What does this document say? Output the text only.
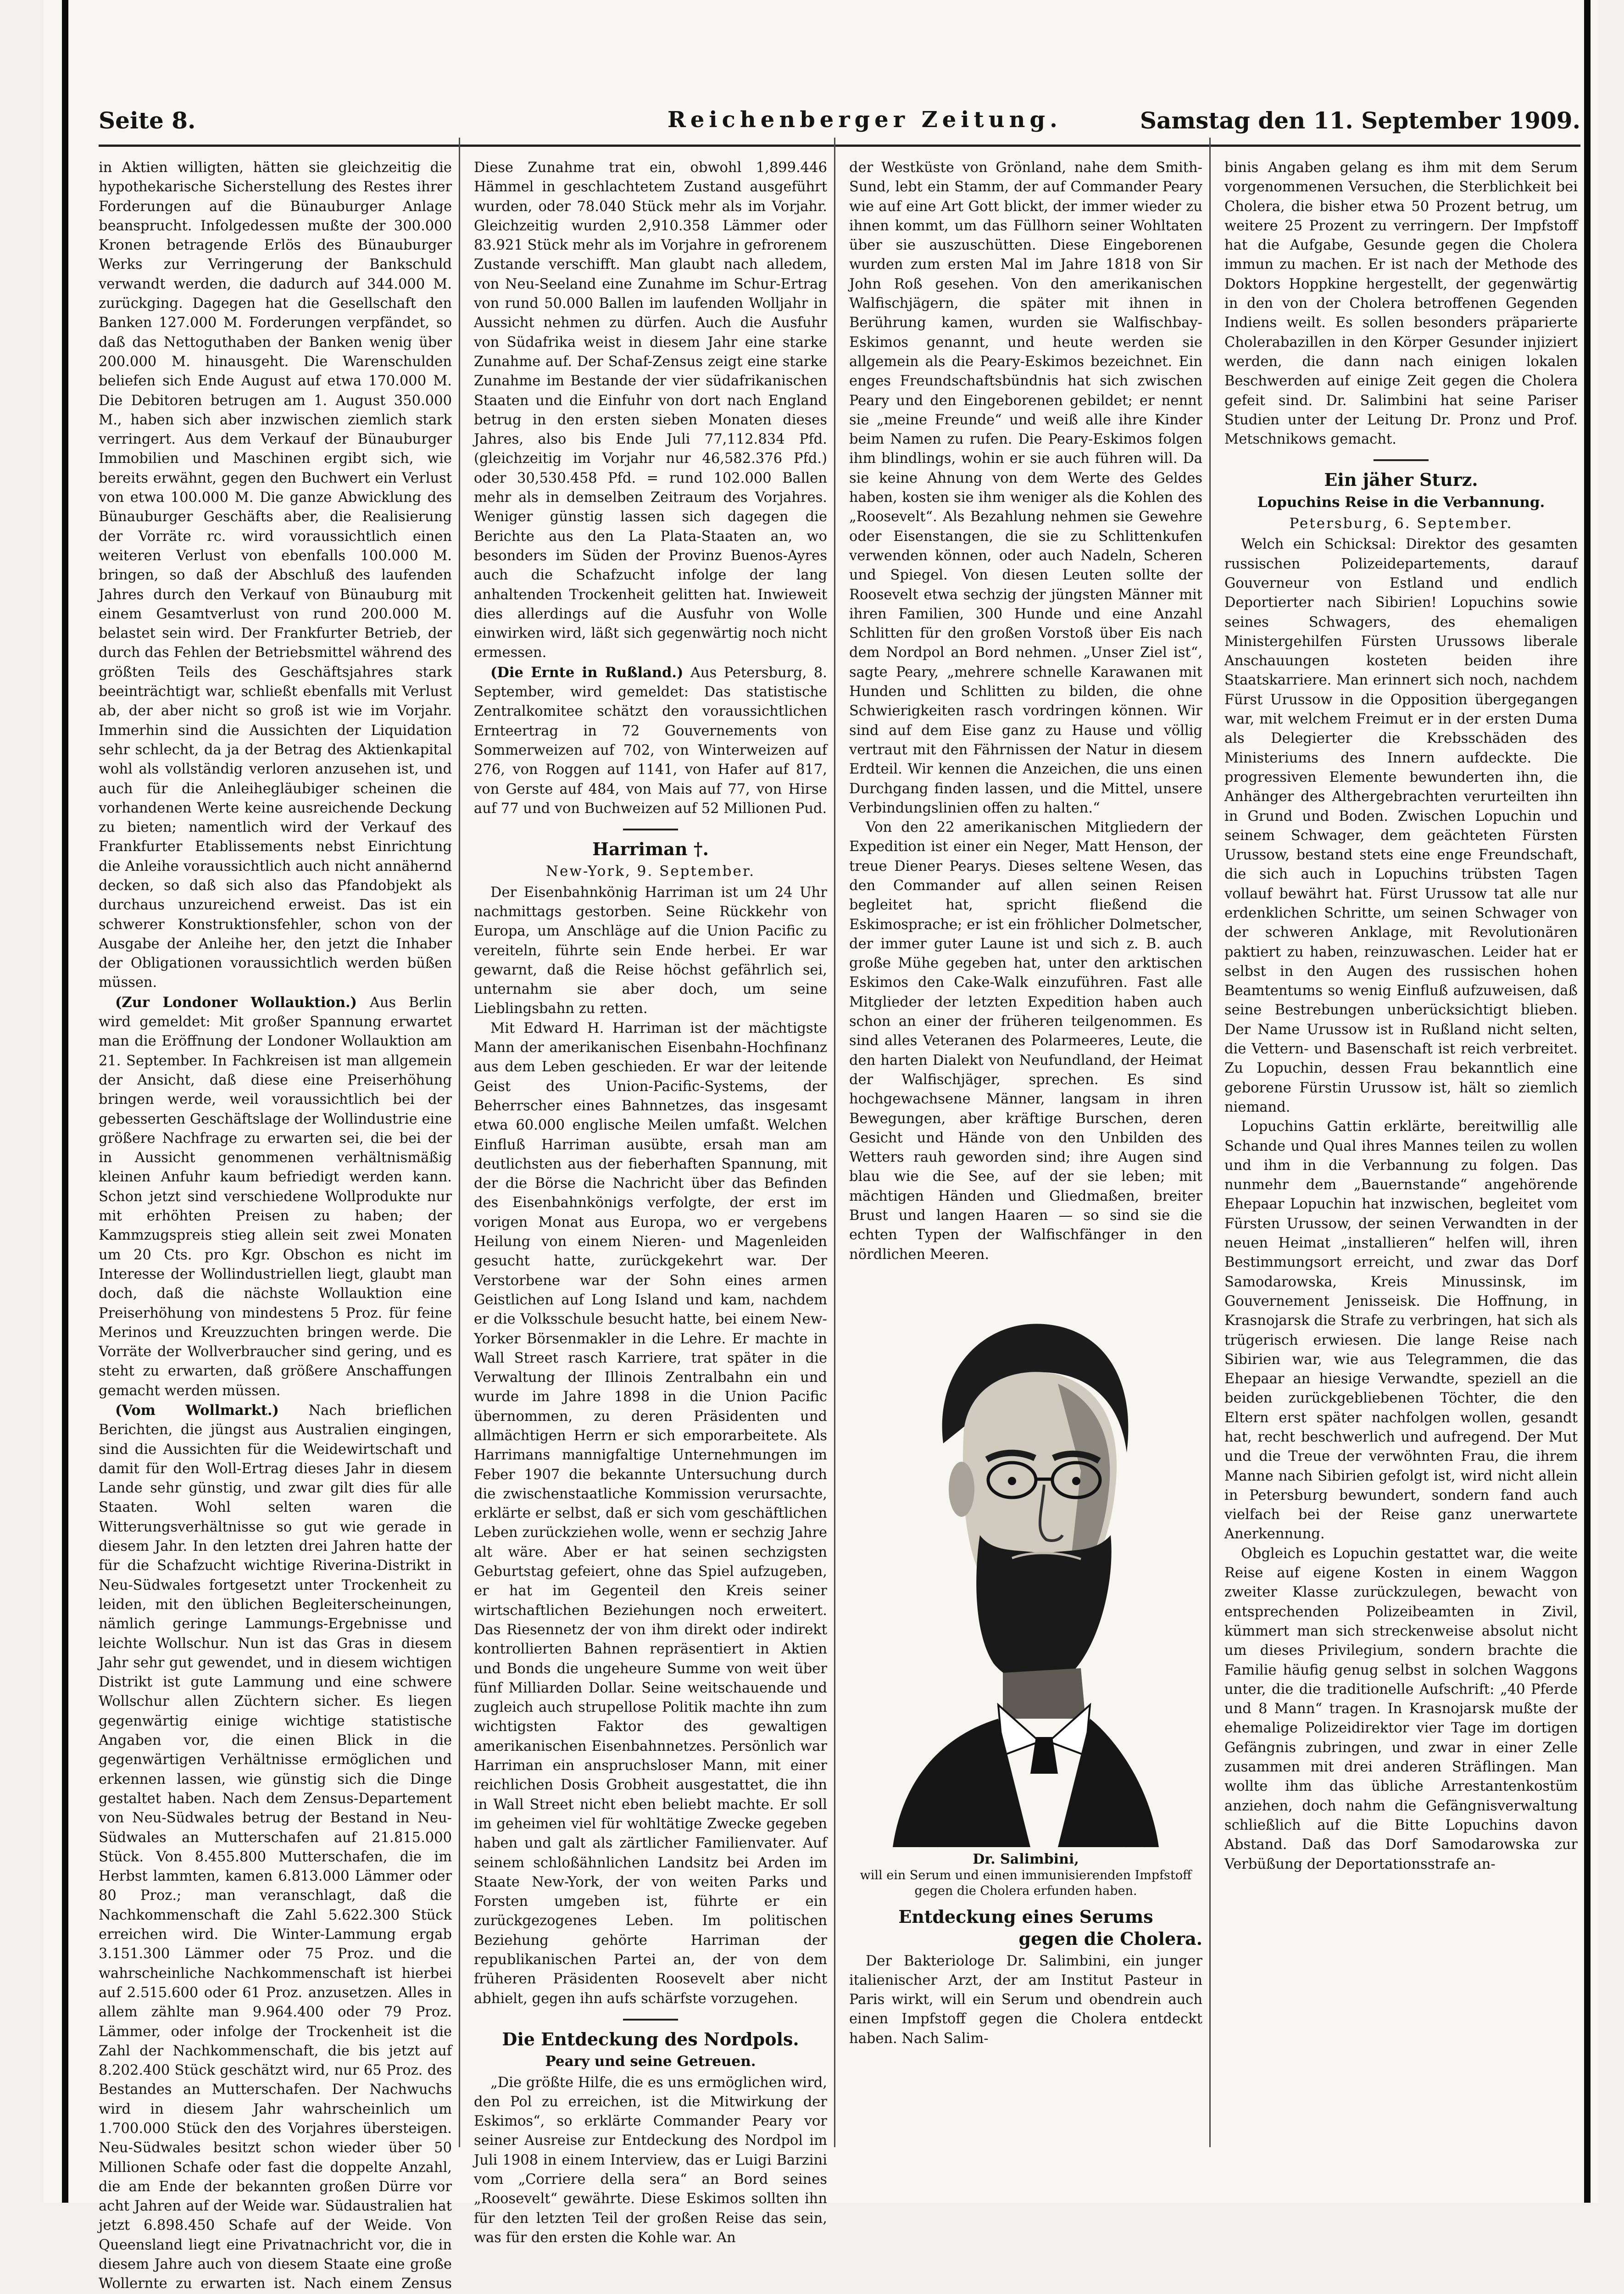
Seite 8.	Reichenberger Zeitung.	Samstag den 11. September 1909.

in Aktien willigten, hätten sie gleichzeitig die hypothekarische Sicherstellung des Restes ihrer Forderungen auf die Bünauburger Anlage beansprucht. Infolgedessen mußte der 300.000 Kronen betragende Erlös des Bünauburger Werks zur Verringerung der Bankschuld verwandt werden, die dadurch auf 344.000 M. zurückging. Dagegen hat die Gesellschaft den Banken 127.000 M. Forderungen verpfändet, so daß das Nettoguthaben der Banken wenig über 200.000 M. hinausgeht. Die Warenschulden beliefen sich Ende August auf etwa 170.000 M. Die Debitoren betrugen am 1. August 350.000 M., haben sich aber inzwischen ziemlich stark verringert. Aus dem Verkauf der Bünauburger Immobilien und Maschinen ergibt sich, wie bereits erwähnt, gegen den Buchwert ein Verlust von etwa 100.000 M. Die ganze Abwicklung des Bünauburger Geschäfts aber, die Realisierung der Vorräte rc. wird voraussichtlich einen weiteren Verlust von ebenfalls 100.000 M. bringen, so daß der Abschluß des laufenden Jahres durch den Verkauf von Bünauburg mit einem Gesamtverlust von rund 200.000 M. belastet sein wird. Der Frankfurter Betrieb, der durch das Fehlen der Betriebsmittel während des größten Teils des Geschäftsjahres stark beeinträchtigt war, schließt ebenfalls mit Verlust ab, der aber nicht so groß ist wie im Vorjahr. Immerhin sind die Aussichten der Liquidation sehr schlecht, da ja der Betrag des Aktienkapital wohl als vollständig verloren anzusehen ist, und auch für die Anleihegläubiger scheinen die vorhandenen Werte keine ausreichende Deckung zu bieten; namentlich wird der Verkauf des Frankfurter Etablissements nebst Einrichtung die Anleihe voraussichtlich auch nicht annähernd decken, so daß sich also das Pfandobjekt als durchaus unzureichend erweist. Das ist ein schwerer Konstruktionsfehler, schon von der Ausgabe der Anleihe her, den jetzt die Inhaber der Obligationen voraussichtlich werden büßen müssen.

(Zur Londoner Wollauktion.) Aus Berlin wird gemeldet: Mit großer Spannung erwartet man die Eröffnung der Londoner Wollauktion am 21. September. In Fachkreisen ist man allgemein der Ansicht, daß diese eine Preiserhöhung bringen werde, weil voraussichtlich bei der gebesserten Geschäftslage der Wollindustrie eine größere Nachfrage zu erwarten sei, die bei der in Aussicht genommenen verhältnismäßig kleinen Anfuhr kaum befriedigt werden kann. Schon jetzt sind verschiedene Wollprodukte nur mit erhöhten Preisen zu haben; der Kammzugspreis stieg allein seit zwei Monaten um 20 Cts. pro Kgr. Obschon es nicht im Interesse der Wollindustriellen liegt, glaubt man doch, daß die nächste Wollauktion eine Preiserhöhung von mindestens 5 Proz. für feine Merinos und Kreuzzuchten bringen werde. Die Vorräte der Wollverbraucher sind gering, und es steht zu erwarten, daß größere Anschaffungen gemacht werden müssen.

(Vom Wollmarkt.) Nach brieflichen Berichten, die jüngst aus Australien eingingen, sind die Aussichten für die Weidewirtschaft und damit für den Woll-Ertrag dieses Jahr in diesem Lande sehr günstig, und zwar gilt dies für alle Staaten. Wohl selten waren die Witterungsverhältnisse so gut wie gerade in diesem Jahr. In den letzten drei Jahren hatte der für die Schafzucht wichtige Riverina-Distrikt in Neu-Südwales fortgesetzt unter Trockenheit zu leiden, mit den üblichen Begleiterscheinungen, nämlich geringe Lammungs-Ergebnisse und leichte Wollschur. Nun ist das Gras in diesem Jahr sehr gut gewendet, und in diesem wichtigen Distrikt ist gute Lammung und eine schwere Wollschur allen Züchtern sicher. Es liegen gegenwärtig einige wichtige statistische Angaben vor, die einen Blick in die gegenwärtigen Verhältnisse ermöglichen und erkennen lassen, wie günstig sich die Dinge gestaltet haben. Nach dem Zensus-Departement von Neu-Südwales betrug der Bestand in Neu-Südwales an Mutterschafen auf 21.815.000 Stück. Von 8.455.800 Mutterschafen, die im Herbst lammten, kamen 6.813.000 Lämmer oder 80 Proz.; man veranschlagt, daß die Nachkommenschaft die Zahl 5.622.300 Stück erreichen wird. Die Winter-Lammung ergab 3.151.300 Lämmer oder 75 Proz. und die wahrscheinliche Nachkommenschaft ist hierbei auf 2.515.600 oder 61 Proz. anzusetzen. Alles in allem zählte man 9.964.400 oder 79 Proz. Lämmer, oder infolge der Trockenheit ist die Zahl der Nachkommenschaft, die bis jetzt auf 8.202.400 Stück geschätzt wird, nur 65 Proz. des Bestandes an Mutterschafen. Der Nachwuchs wird in diesem Jahr wahrscheinlich um 1.700.000 Stück den des Vorjahres übersteigen. Neu-Südwales besitzt schon wieder über 50 Millionen Schafe oder fast die doppelte Anzahl, die am Ende der bekannten großen Dürre vor acht Jahren auf der Weide war. Südaustralien hat jetzt 6.898.450 Schafe auf der Weide. Von Queensland liegt eine Privatnachricht vor, die in diesem Jahre auch von diesem Staate eine große Wollernte zu erwarten ist. Nach einem Zensus

Diese Zunahme trat ein, obwohl 1,899.446 Hämmel in geschlachtetem Zustand ausgeführt wurden, oder 78.040 Stück mehr als im Vorjahr. Gleichzeitig wurden 2,910.358 Lämmer oder 83.921 Stück mehr als im Vorjahre in gefrorenem Zustande verschifft. Man glaubt nach alledem, von Neu-Seeland eine Zunahme im Schur-Ertrag von rund 50.000 Ballen im laufenden Wolljahr in Aussicht nehmen zu dürfen. Auch die Ausfuhr von Südafrika weist in diesem Jahr eine starke Zunahme auf. Der Schaf-Zensus zeigt eine starke Zunahme im Bestande der vier südafrikanischen Staaten und die Einfuhr von dort nach England betrug in den ersten sieben Monaten dieses Jahres, also bis Ende Juli 77,112.834 Pfd. (gleichzeitig im Vorjahr nur 46,582.376 Pfd.) oder 30,530.458 Pfd. = rund 102.000 Ballen mehr als in demselben Zeitraum des Vorjahres. Weniger günstig lassen sich dagegen die Berichte aus den La Plata-Staaten an, wo besonders im Süden der Provinz Buenos-Ayres auch die Schafzucht infolge der lang anhaltenden Trockenheit gelitten hat. Inwieweit dies allerdings auf die Ausfuhr von Wolle einwirken wird, läßt sich gegenwärtig noch nicht ermessen.

(Die Ernte in Rußland.) Aus Petersburg, 8. September, wird gemeldet: Das statistische Zentralkomitee schätzt den voraussichtlichen Ernteertrag in 72 Gouvernements von Sommerweizen auf 702, von Winterweizen auf 276, von Roggen auf 1141, von Hafer auf 817, von Gerste auf 484, von Mais auf 77, von Hirse auf 77 und von Buchweizen auf 52 Millionen Pud.

Harriman †.
New-York, 9. September.

Der Eisenbahnkönig Harriman ist um 24 Uhr nachmittags gestorben. Seine Rückkehr von Europa, um Anschläge auf die Union Pacific zu vereiteln, führte sein Ende herbei. Er war gewarnt, daß die Reise höchst gefährlich sei, unternahm sie aber doch, um seine Lieblingsbahn zu retten.

Mit Edward H. Harriman ist der mächtigste Mann der amerikanischen Eisenbahn-Hochfinanz aus dem Leben geschieden. Er war der leitende Geist des Union-Pacific-Systems, der Beherrscher eines Bahnnetzes, das insgesamt etwa 60.000 englische Meilen umfaßt. Welchen Einfluß Harriman ausübte, ersah man am deutlichsten aus der fieberhaften Spannung, mit der die Börse die Nachricht über das Befinden des Eisenbahnkönigs verfolgte, der erst im vorigen Monat aus Europa, wo er vergebens Heilung von einem Nieren- und Magenleiden gesucht hatte, zurückgekehrt war. Der Verstorbene war der Sohn eines armen Geistlichen auf Long Island und kam, nachdem er die Volksschule besucht hatte, bei einem New-Yorker Börsenmakler in die Lehre. Er machte in Wall Street rasch Karriere, trat später in die Verwaltung der Illinois Zentralbahn ein und wurde im Jahre 1898 in die Union Pacific übernommen, zu deren Präsidenten und allmächtigen Herrn er sich emporarbeitete. Als Harrimans mannigfaltige Unternehmungen im Feber 1907 die bekannte Untersuchung durch die zwischenstaatliche Kommission verursachte, erklärte er selbst, daß er sich vom geschäftlichen Leben zurückziehen wolle, wenn er sechzig Jahre alt wäre. Aber er hat seinen sechzigsten Geburtstag gefeiert, ohne das Spiel aufzugeben, er hat im Gegenteil den Kreis seiner wirtschaftlichen Beziehungen noch erweitert. Das Riesennetz der von ihm direkt oder indirekt kontrollierten Bahnen repräsentiert in Aktien und Bonds die ungeheure Summe von weit über fünf Milliarden Dollar. Seine weitschauende und zugleich auch strupellose Politik machte ihn zum wichtigsten Faktor des gewaltigen amerikanischen Eisenbahnnetzes. Persönlich war Harriman ein anspruchsloser Mann, mit einer reichlichen Dosis Grobheit ausgestattet, die ihn in Wall Street nicht eben beliebt machte. Er soll im geheimen viel für wohltätige Zwecke gegeben haben und galt als zärtlicher Familienvater. Auf seinem schloßähnlichen Landsitz bei Arden im Staate New-York, der von weiten Parks und Forsten umgeben ist, führte er ein zurückgezogenes Leben. Im politischen Beziehung gehörte Harriman der republikanischen Partei an, der von dem früheren Präsidenten Roosevelt aber nicht abhielt, gegen ihn aufs schärfste vorzugehen.

Die Entdeckung des Nordpols.
Peary und seine Getreuen.

„Die größte Hilfe, die es uns ermöglichen wird, den Pol zu erreichen, ist die Mitwirkung der Eskimos“, so erklärte Commander Peary vor seiner Ausreise zur Entdeckung des Nordpol im Juli 1908 in einem Interview, das er Luigi Barzini vom „Corriere della sera“ an Bord seines „Roosevelt“ gewährte. Diese Eskimos sollten ihn für den letzten Teil der großen Reise das sein, was für den ersten die Kohle war. An

der Westküste von Grönland, nahe dem Smith-Sund, lebt ein Stamm, der auf Commander Peary wie auf eine Art Gott blickt, der immer wieder zu ihnen kommt, um das Füllhorn seiner Wohltaten über sie auszuschütten. Diese Eingeborenen wurden zum ersten Mal im Jahre 1818 von Sir John Roß gesehen. Von den amerikanischen Walfischjägern, die später mit ihnen in Berührung kamen, wurden sie Walfischbay-Eskimos genannt, und heute werden sie allgemein als die Peary-Eskimos bezeichnet. Ein enges Freundschaftsbündnis hat sich zwischen Peary und den Eingeborenen gebildet; er nennt sie „meine Freunde“ und weiß alle ihre Kinder beim Namen zu rufen. Die Peary-Eskimos folgen ihm blindlings, wohin er sie auch führen will. Da sie keine Ahnung von dem Werte des Geldes haben, kosten sie ihm weniger als die Kohlen des „Roosevelt“. Als Bezahlung nehmen sie Gewehre oder Eisenstangen, die sie zu Schlittenkufen verwenden können, oder auch Nadeln, Scheren und Spiegel. Von diesen Leuten sollte der Roosevelt etwa sechzig der jüngsten Männer mit ihren Familien, 300 Hunde und eine Anzahl Schlitten für den großen Vorstoß über Eis nach dem Nordpol an Bord nehmen. „Unser Ziel ist“, sagte Peary, „mehrere schnelle Karawanen mit Hunden und Schlitten zu bilden, die ohne Schwierigkeiten rasch vordringen können. Wir sind auf dem Eise ganz zu Hause und völlig vertraut mit den Fährnissen der Natur in diesem Erdteil. Wir kennen die Anzeichen, die uns einen Durchgang finden lassen, und die Mittel, unsere Verbindungslinien offen zu halten.“

Von den 22 amerikanischen Mitgliedern der Expedition ist einer ein Neger, Matt Henson, der treue Diener Pearys. Dieses seltene Wesen, das den Commander auf allen seinen Reisen begleitet hat, spricht fließend die Eskimosprache; er ist ein fröhlicher Dolmetscher, der immer guter Laune ist und sich z. B. auch große Mühe gegeben hat, unter den arktischen Eskimos den Cake-Walk einzuführen. Fast alle Mitglieder der letzten Expedition haben auch schon an einer der früheren teilgenommen. Es sind alles Veteranen des Polarmeeres, Leute, die den harten Dialekt von Neufundland, der Heimat der Walfischjäger, sprechen. Es sind hochgewachsene Männer, langsam in ihren Bewegungen, aber kräftige Burschen, deren Gesicht und Hände von den Unbilden des Wetters rauh geworden sind; ihre Augen sind blau wie die See, auf der sie leben; mit mächtigen Händen und Gliedmaßen, breiter Brust und langen Haaren — so sind sie die echten Typen der Walfischfänger in den nördlichen Meeren.

Dr. Salimbini,
will ein Serum und einen immunisierenden Impfstoff gegen die Cholera erfunden haben.
Entdeckung eines Serums
gegen die Cholera.

Der Bakteriologe Dr. Salimbini, ein junger italienischer Arzt, der am Institut Pasteur in Paris wirkt, will ein Serum und obendrein auch einen Impfstoff gegen die Cholera entdeckt haben. Nach Salim-

binis Angaben gelang es ihm mit dem Serum vorgenommenen Versuchen, die Sterblichkeit bei Cholera, die bisher etwa 50 Prozent betrug, um weitere 25 Prozent zu verringern. Der Impfstoff hat die Aufgabe, Gesunde gegen die Cholera immun zu machen. Er ist nach der Methode des Doktors Hoppkine hergestellt, der gegenwärtig in den von der Cholera betroffenen Gegenden Indiens weilt. Es sollen besonders präparierte Cholerabazillen in den Körper Gesunder injiziert werden, die dann nach einigen lokalen Beschwerden auf einige Zeit gegen die Cholera gefeit sind. Dr. Salimbini hat seine Pariser Studien unter der Leitung Dr. Pronz und Prof. Metschnikows gemacht.

Ein jäher Sturz.
Lopuchins Reise in die Verbannung.
Petersburg, 6. September.

Welch ein Schicksal: Direktor des gesamten russischen Polizeidepartements, darauf Gouverneur von Estland und endlich Deportierter nach Sibirien! Lopuchins sowie seines Schwagers, des ehemaligen Ministergehilfen Fürsten Urussows liberale Anschauungen kosteten beiden ihre Staatskarriere. Man erinnert sich noch, nachdem Fürst Urussow in die Opposition übergegangen war, mit welchem Freimut er in der ersten Duma als Delegierter die Krebsschäden des Ministeriums des Innern aufdeckte. Die progressiven Elemente bewunderten ihn, die Anhänger des Althergebrachten verurteilten ihn in Grund und Boden. Zwischen Lopuchin und seinem Schwager, dem geächteten Fürsten Urussow, bestand stets eine enge Freundschaft, die sich auch in Lopuchins trübsten Tagen vollauf bewährt hat. Fürst Urussow tat alle nur erdenklichen Schritte, um seinen Schwager von der schweren Anklage, mit Revolutionären paktiert zu haben, reinzuwaschen. Leider hat er selbst in den Augen des russischen hohen Beamtentums so wenig Einfluß aufzuweisen, daß seine Bestrebungen unberücksichtigt blieben. Der Name Urussow ist in Rußland nicht selten, die Vettern- und Basenschaft ist reich verbreitet. Zu Lopuchin, dessen Frau bekanntlich eine geborene Fürstin Urussow ist, hält so ziemlich niemand.

Lopuchins Gattin erklärte, bereitwillig alle Schande und Qual ihres Mannes teilen zu wollen und ihm in die Verbannung zu folgen. Das nunmehr dem „Bauernstande“ angehörende Ehepaar Lopuchin hat inzwischen, begleitet vom Fürsten Urussow, der seinen Verwandten in der neuen Heimat „installieren“ helfen will, ihren Bestimmungsort erreicht, und zwar das Dorf Samodarowska, Kreis Minussinsk, im Gouvernement Jenisseisk. Die Hoffnung, in Krasnojarsk die Strafe zu verbringen, hat sich als trügerisch erwiesen. Die lange Reise nach Sibirien war, wie aus Telegrammen, die das Ehepaar an hiesige Verwandte, speziell an die beiden zurückgebliebenen Töchter, die den Eltern erst später nachfolgen wollen, gesandt hat, recht beschwerlich und aufregend. Der Mut und die Treue der verwöhnten Frau, die ihrem Manne nach Sibirien gefolgt ist, wird nicht allein in Petersburg bewundert, sondern fand auch vielfach bei der Reise ganz unerwartete Anerkennung.

Obgleich es Lopuchin gestattet war, die weite Reise auf eigene Kosten in einem Waggon zweiter Klasse zurückzulegen, bewacht von entsprechenden Polizeibeamten in Zivil, kümmert man sich streckenweise absolut nicht um dieses Privilegium, sondern brachte die Familie häufig genug selbst in solchen Waggons unter, die die traditionelle Aufschrift: „40 Pferde und 8 Mann“ tragen. In Krasnojarsk mußte der ehemalige Polizeidirektor vier Tage im dortigen Gefängnis zubringen, und zwar in einer Zelle zusammen mit drei anderen Sträflingen. Man wollte ihm das übliche Arrestantenkostüm anziehen, doch nahm die Gefängnisverwaltung schließlich auf die Bitte Lopuchins davon Abstand. Daß das Dorf Samodarowska zur Verbüßung der Deportationsstrafe an-
